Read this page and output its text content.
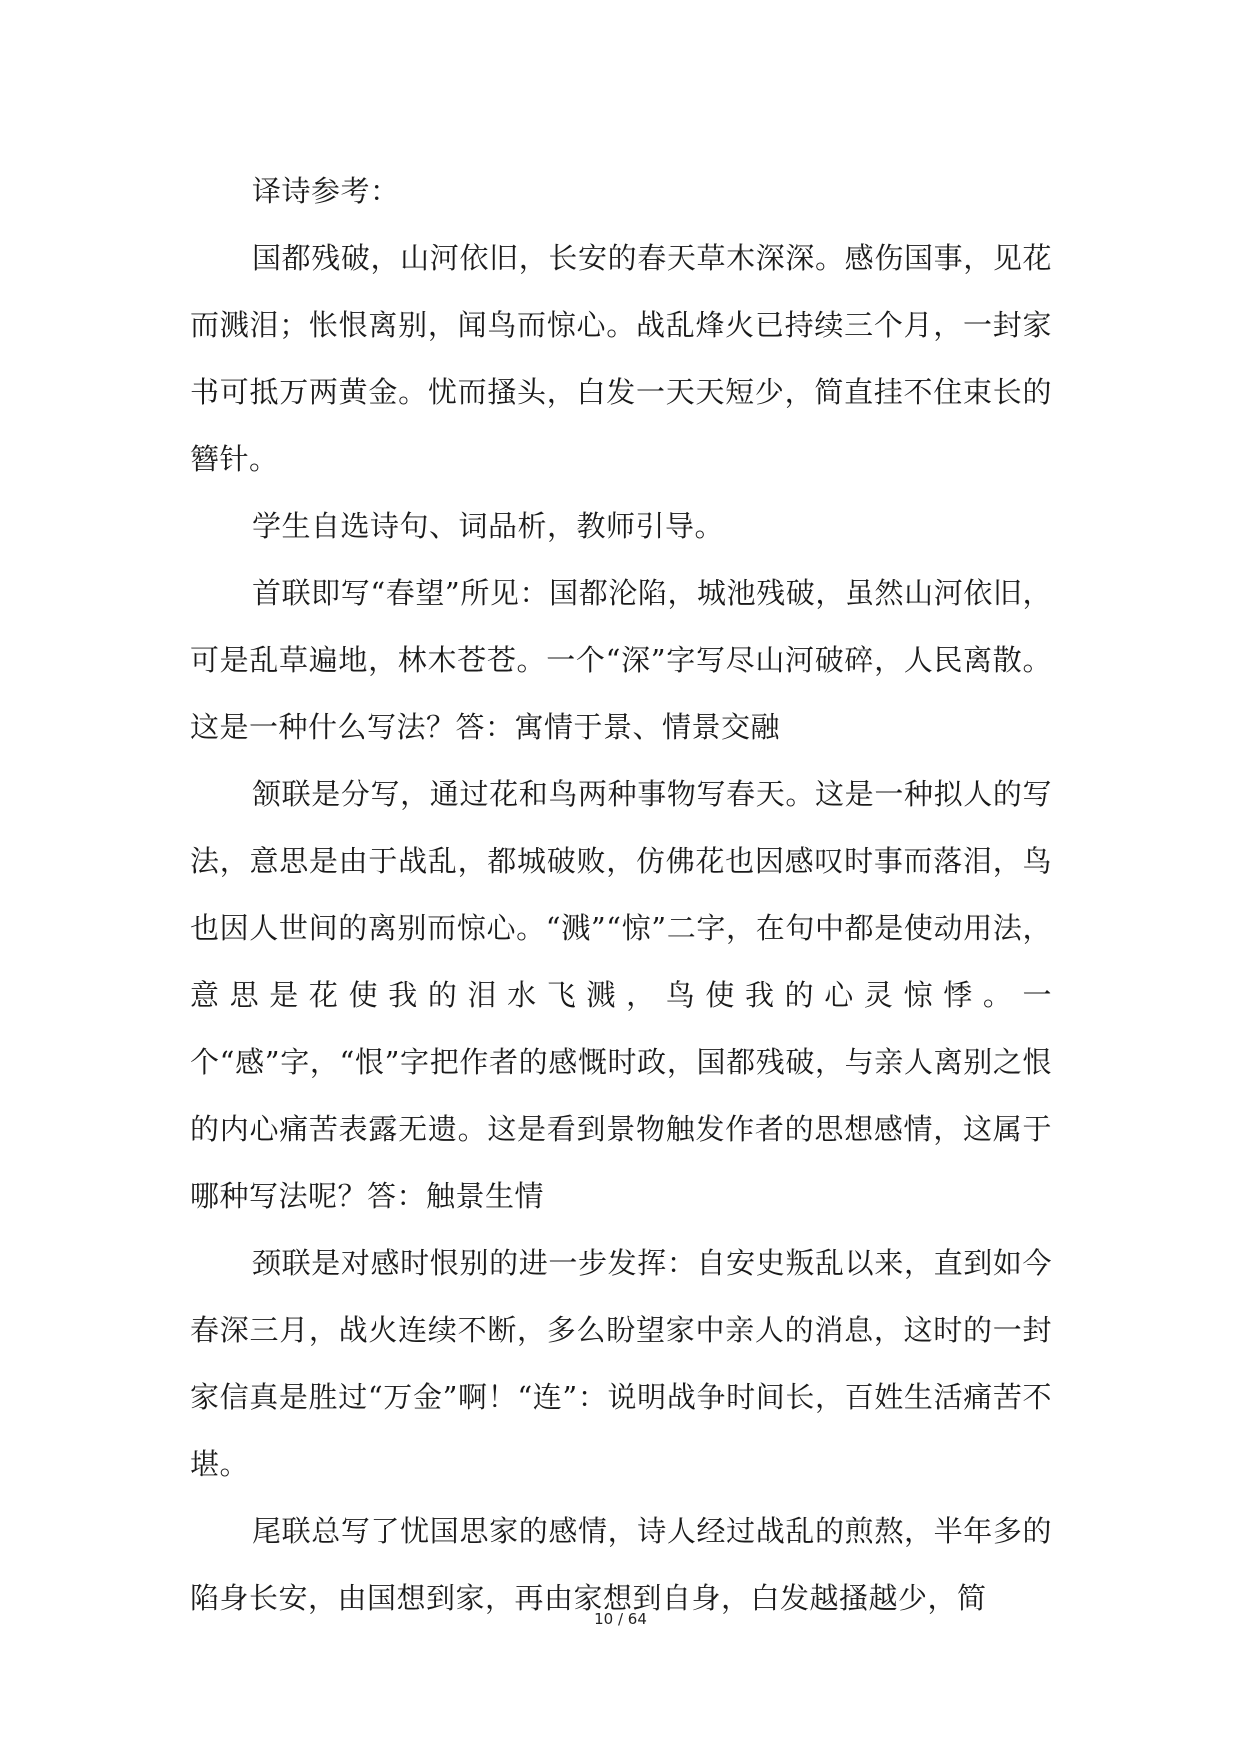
译诗参考：

国都残破，山河依旧，长安的春天草木深深。感伤国事，见花而溅泪；怅恨离别，闻鸟而惊心。战乱烽火已持续三个月，一封家书可抵万两黄金。忧而搔头，白发一天天短少，简直挂不住束长的簪针。

学生自选诗句、词品析，教师引导。

首联即写“春望”所见：国都沦陷，城池残破，虽然山河依旧，可是乱草遍地，林木苍苍。一个“深”字写尽山河破碎，人民离散。这是一种什么写法？答：寓情于景、情景交融

颔联是分写，通过花和鸟两种事物写春天。这是一种拟人的写法，意思是由于战乱，都城破败，仿佛花也因感叹时事而落泪，鸟也因人世间的离别而惊心。“溅”“惊”二字，在句中都是使动用法，意思是花使我的泪水飞溅，鸟使我的心灵惊悸。一个“感”字，“恨”字把作者的感慨时政，国都残破，与亲人离别之恨的内心痛苦表露无遗。这是看到景物触发作者的思想感情，这属于哪种写法呢？答：触景生情

颈联是对感时恨别的进一步发挥：自安史叛乱以来，直到如今春深三月，战火连续不断，多么盼望家中亲人的消息，这时的一封家信真是胜过“万金”啊！“连”：说明战争时间长，百姓生活痛苦不堪。

尾联总写了忧国思家的感情，诗人经过战乱的煎熬，半年多的陷身长安，由国想到家，再由家想到自身，白发越搔越少，简

10 / 64
